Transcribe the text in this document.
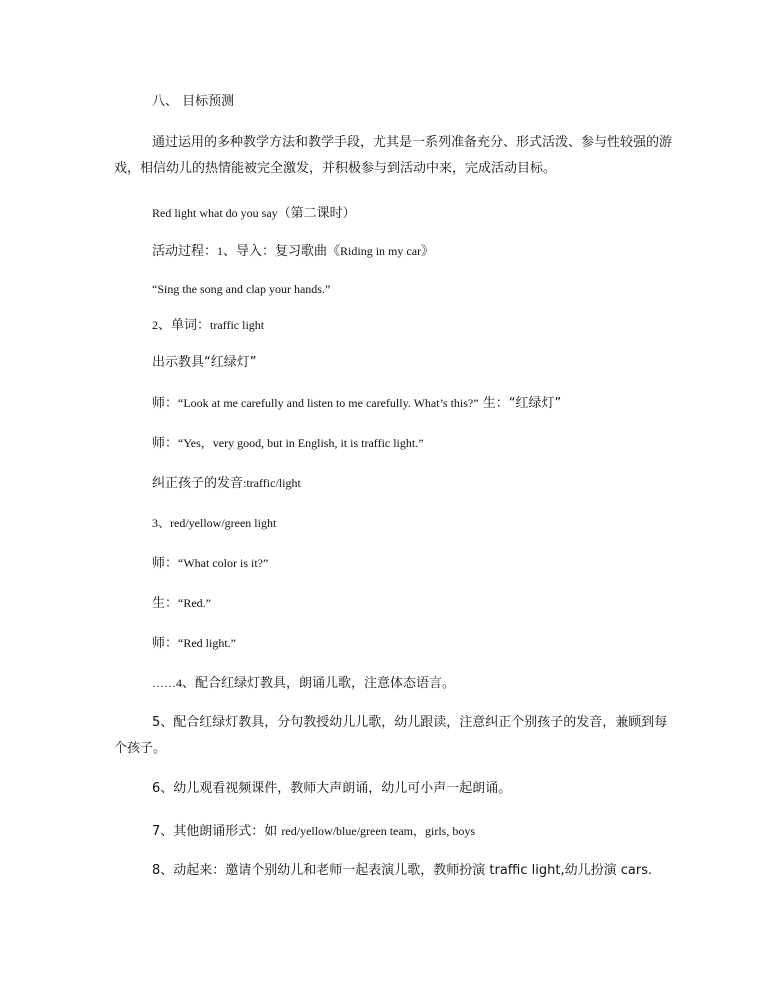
八、 目标预测
通过运用的多种教学方法和教学手段，尤其是一系列准备充分、形式活泼、参与性较强的游戏，相信幼儿的热情能被完全激发，并积极参与到活动中来，完成活动目标。
Red light what do you say（第二课时）
活动过程：1、导入：复习歌曲《Riding in my car》
“Sing the song and clap your hands.”
2、单词：traffic light
出示教具“红绿灯”
师：“Look at me carefully and listen to me carefully. What’s this?” 生：“红绿灯”
师：“Yes，very good, but in English, it is traffic light.”
纠正孩子的发音:traffic/light
3、red/yellow/green light
师：“What color is it?”
生：“Red.”
师：“Red light.”
……4、配合红绿灯教具，朗诵儿歌，注意体态语言。
5、配合红绿灯教具，分句教授幼儿儿歌，幼儿跟读，注意纠正个别孩子的发音，兼顾到每个孩子。
6、幼儿观看视频课件，教师大声朗诵，幼儿可小声一起朗诵。
7、其他朗诵形式：如 red/yellow/blue/green team，girls, boys
8、动起来：邀请个别幼儿和老师一起表演儿歌，教师扮演 traffic light,幼儿扮演 cars.
